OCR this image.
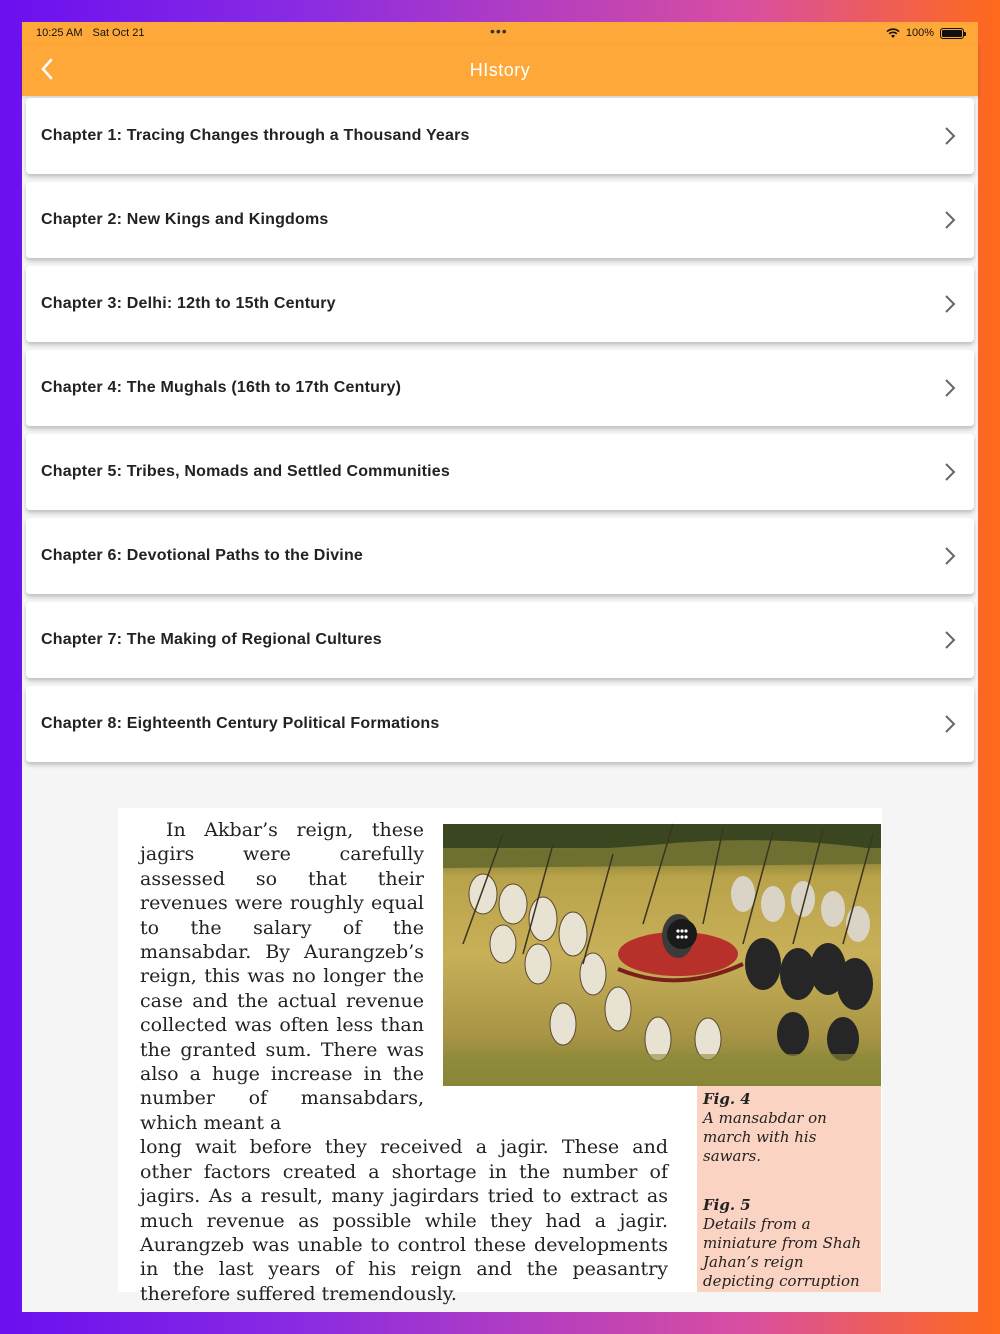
10:25 AM Sat Oct 21	•••	100%
HIstory
Chapter 1: Tracing Changes through a Thousand Years
Chapter 2: New Kings and Kingdoms
Chapter 3: Delhi: 12th to 15th Century
Chapter 4: The Mughals (16th to 17th Century)
Chapter 5: Tribes, Nomads and Settled Communities
Chapter 6: Devotional Paths to the Divine
Chapter 7: The Making of Regional Cultures
Chapter 8: Eighteenth Century Political Formations

In Akbar’s reign, these jagirs were carefully assessed so that their revenues were roughly equal to the salary of the mansabdar. By Aurangzeb’s reign, this was no longer the case and the actual revenue collected was often less than the granted sum. There was also a huge increase in the number of mansabdars, which meant a

long wait before they received a jagir. These and other factors created a shortage in the number of jagirs. As a result, many jagirdars tried to extract as much revenue as possible while they had a jagir. Aurangzeb was unable to control these developments in the last years of his reign and the peasantry therefore suffered tremendously.

Fig. 4
A mansabdar on march with his sawars.
Fig. 5
Details from a miniature from Shah Jahan’s reign depicting corruption
